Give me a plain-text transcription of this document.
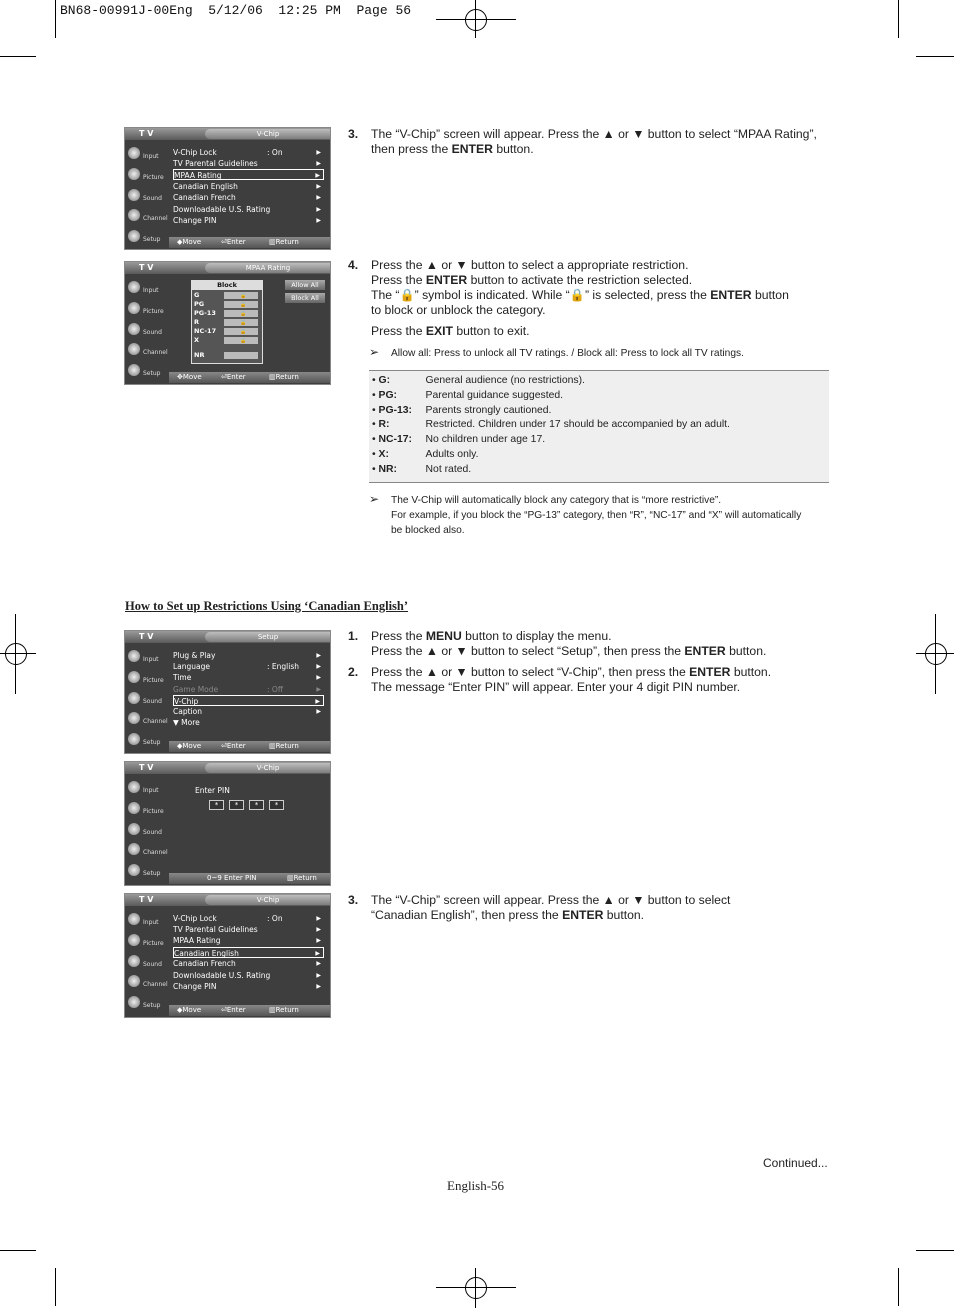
BN68-00991J-00Eng  5/12/06  12:25 PM  Page 56
T V	V-Chip
Input
Picture
Sound
Channel
Setup
V-Chip Lock	: On	▶
TV Parental Guidelines	▶
MPAA Rating	▶
Canadian English	▶
Canadian French	▶
Downloadable U.S. Rating	▶
Change PIN	▶
◆ Move	⏎ Enter	▥ Return
T V	MPAA Rating
Input
Picture
Sound
Channel
Setup
Block
G	🔒
PG	🔒
PG-13	🔒
R	🔒
NC-17	🔒
X	🔒
NR
Allow All
Block All
✥ Move	⏎ Enter	▥ Return
3. The “V-Chip” screen will appear. Press the ▲ or ▼ button to select “MPAA Rating”,
then press the ENTER button.
4. Press the ▲ or ▼ button to select a appropriate restriction.
Press the ENTER button to activate the restriction selected.
The “🔒” symbol is indicated. While “🔒” is selected, press the ENTER button
to block or unblock the category.
Press the EXIT button to exit.
➢ Allow all: Press to unlock all TV ratings. / Block all: Press to lock all TV ratings.
• G:	General audience (no restrictions).
• PG:	Parental guidance suggested.
• PG-13: Parents strongly cautioned.
• R:	Restricted. Children under 17 should be accompanied by an adult.
• NC-17: No children under age 17.
• X:	Adults only.
• NR:	Not rated.
➢ The V-Chip will automatically block any category that is “more restrictive”.
For example, if you block the “PG-13” category, then “R”, “NC-17” and “X” will automatically
be blocked also.
How to Set up Restrictions Using ‘Canadian English’
T V	Setup
Input
Picture
Sound
Channel
Setup
Plug & Play	▶
Language	: English	▶
Time	▶
Game Mode	: Off	▶
V-Chip	▶
Caption	▶
▼ More
◆ Move	⏎ Enter	▥ Return
T V	V-Chip
Input
Picture
Sound
Channel
Setup
Enter PIN
*	*	*	*
0~9 Enter PIN	▥ Return
T V	V-Chip
Input
Picture
Sound
Channel
Setup
V-Chip Lock	: On	▶
TV Parental Guidelines	▶
MPAA Rating	▶
Canadian English	▶
Canadian French	▶
Downloadable U.S. Rating	▶
Change PIN	▶
◆ Move	⏎ Enter	▥ Return
1. Press the MENU button to display the menu.
Press the ▲ or ▼ button to select “Setup”, then press the ENTER button.
2. Press the ▲ or ▼ button to select “V-Chip”, then press the ENTER button.
The message “Enter PIN” will appear. Enter your 4 digit PIN number.
3. The “V-Chip” screen will appear. Press the ▲ or ▼ button to select
“Canadian English”, then press the ENTER button.
Continued...
English-56
